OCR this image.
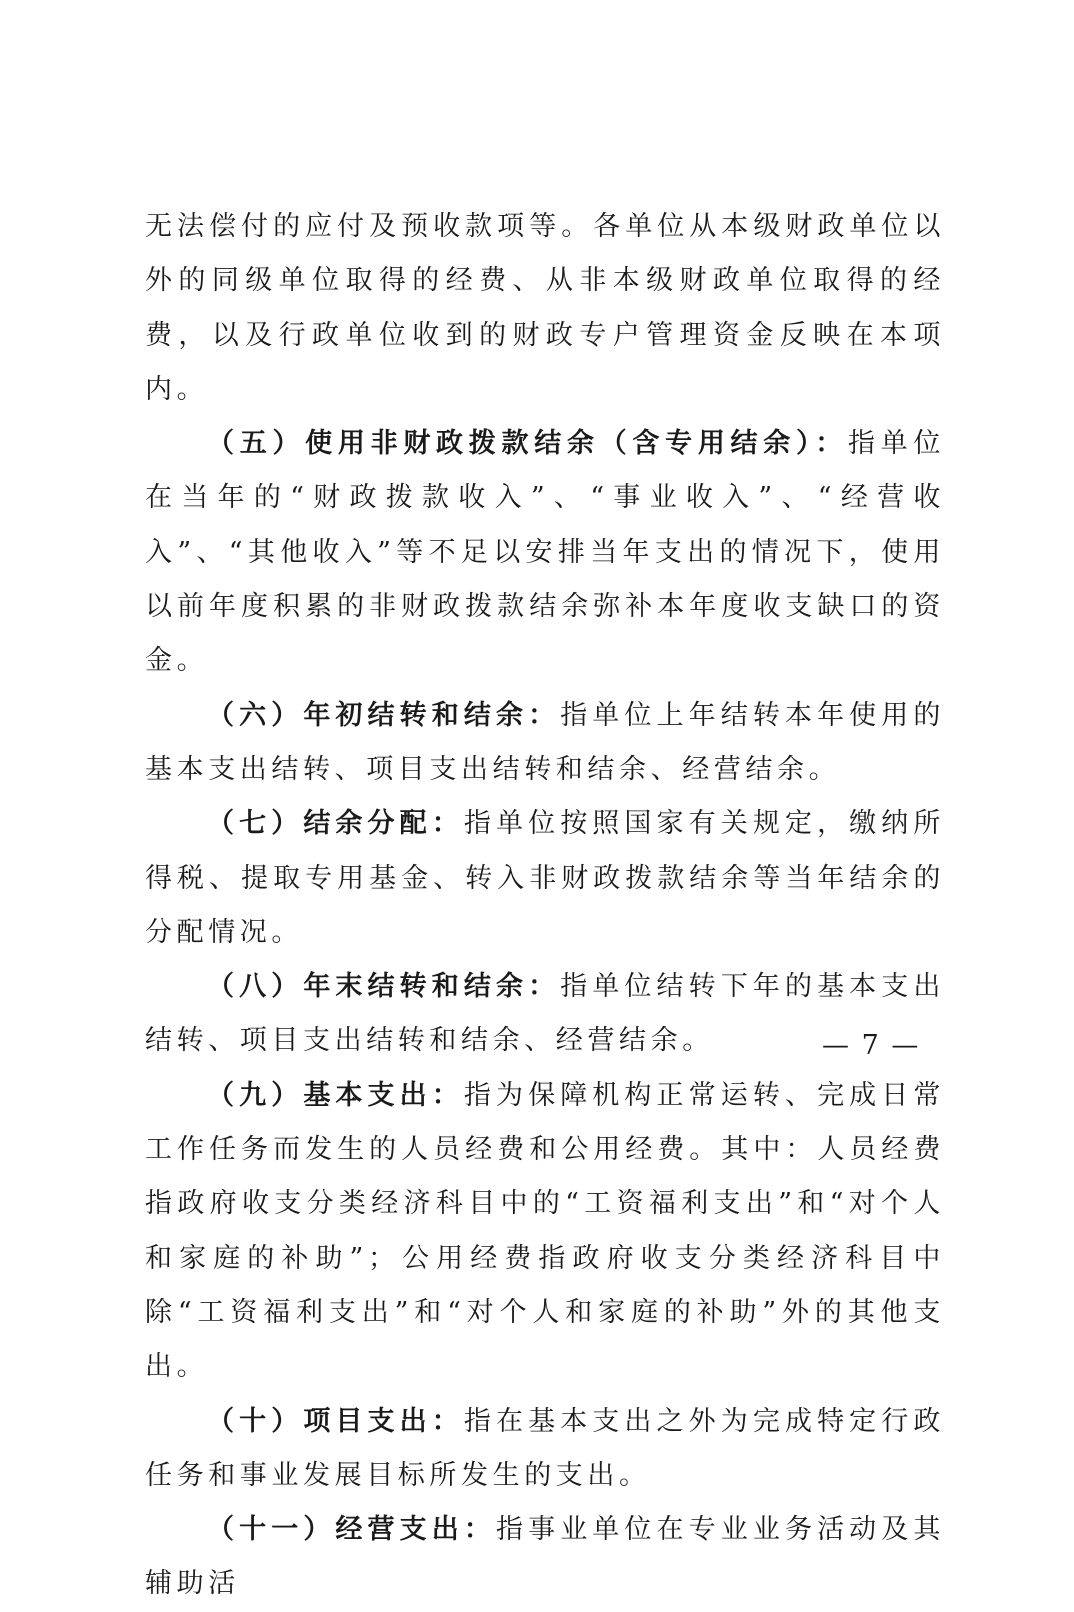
无法偿付的应付及预收款项等。各单位从本级财政单位以外的同级单位取得的经费、从非本级财政单位取得的经费，以及行政单位收到的财政专户管理资金反映在本项内。

（五）使用非财政拨款结余（含专用结余）：指单位在当年的“财政拨款收入”、“事业收入”、“经营收入”、“其他收入”等不足以安排当年支出的情况下，使用以前年度积累的非财政拨款结余弥补本年度收支缺口的资金。

（六）年初结转和结余：指单位上年结转本年使用的基本支出结转、项目支出结转和结余、经营结余。

（七）结余分配：指单位按照国家有关规定，缴纳所得税、提取专用基金、转入非财政拨款结余等当年结余的分配情况。

（八）年末结转和结余：指单位结转下年的基本支出结转、项目支出结转和结余、经营结余。

（九）基本支出：指为保障机构正常运转、完成日常工作任务而发生的人员经费和公用经费。其中：人员经费指政府收支分类经济科目中的“工资福利支出”和“对个人和家庭的补助”；公用经费指政府收支分类经济科目中除“工资福利支出”和“对个人和家庭的补助”外的其他支出。

（十）项目支出：指在基本支出之外为完成特定行政任务和事业发展目标所发生的支出。

（十一）经营支出：指事业单位在专业业务活动及其辅助活

— 7 —
